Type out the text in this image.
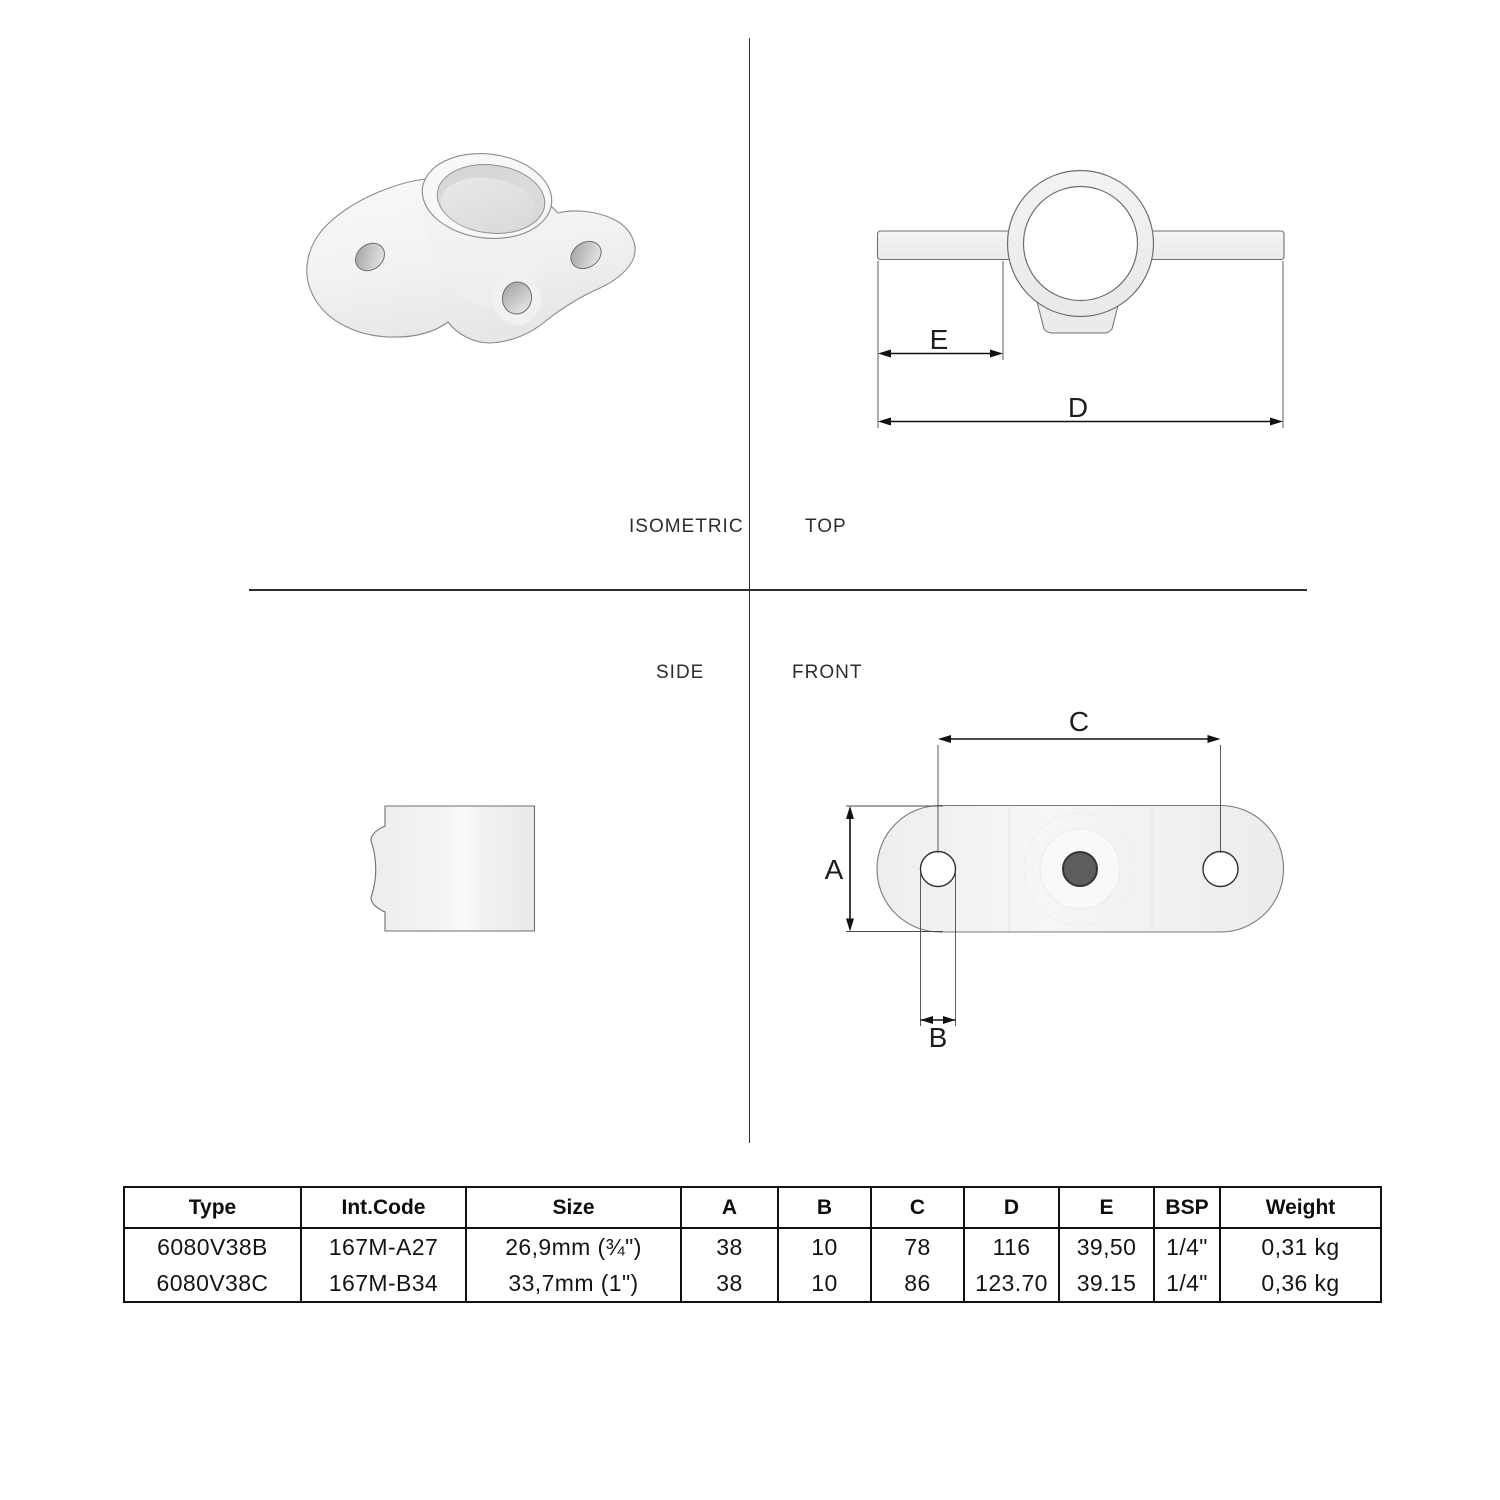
E
D
C
A
B
ISOMETRIC	TOP
SIDE	FRONT
Type	Int.Code	Size	A	B	C	D	E	BSP	Weight
6080V38B	167M-A27	26,9mm (¾")	38	10	78	116	39,50	1/4"	0,31 kg
6080V38C	167M-B34	33,7mm (1")	38	10	86	123.70	39.15	1/4"	0,36 kg
